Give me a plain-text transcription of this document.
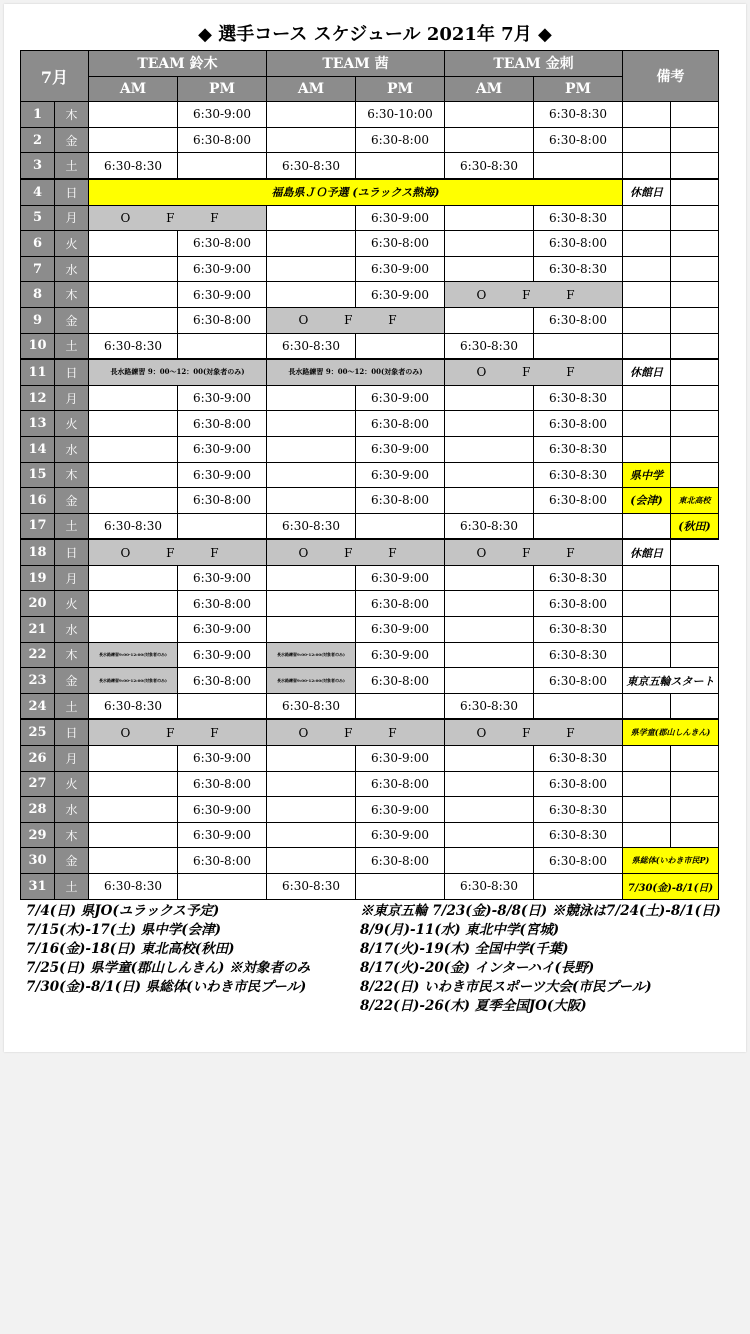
◆ 選手コース スケジュール 2021年 7月 ◆
7月		TEAM 鈴木		TEAM 茜		TEAM 金刺		備考	
		AM	PM	AM	PM	AM	PM		
1	木		6:30-9:00		6:30-10:00		6:30-8:30		
2	金		6:30-8:00		6:30-8:00		6:30-8:00		
3	土	6:30-8:30		6:30-8:30		6:30-8:30			
4	日	福島県ＪＯ予選 (ユラックス熱海)						休館日	
5	月	O F F			6:30-9:00		6:30-8:30		
6	火		6:30-8:00		6:30-8:00		6:30-8:00		
7	水		6:30-9:00		6:30-9:00		6:30-8:30		
8	木		6:30-9:00		6:30-9:00	O F F			
9	金		6:30-8:00	O F F			6:30-8:00		
10	土	6:30-8:30		6:30-8:30		6:30-8:30			
11	日	長水路練習 9：00～12：00(対象者のみ)		長水路練習 9：00～12：00(対象者のみ)		O F F		休館日	
12	月		6:30-9:00		6:30-9:00		6:30-8:30		
13	火		6:30-8:00		6:30-8:00		6:30-8:00		
14	水		6:30-9:00		6:30-9:00		6:30-8:30		
15	木		6:30-9:00		6:30-9:00		6:30-8:30	県中学	
16	金		6:30-8:00		6:30-8:00		6:30-8:00	(会津)	東北高校
17	土	6:30-8:30		6:30-8:30		6:30-8:30			(秋田)
18	日	O F F		O F F		O F F		休館日	
19	月		6:30-9:00		6:30-9:00		6:30-8:30		
20	火		6:30-8:00		6:30-8:00		6:30-8:00		
21	水		6:30-9:00		6:30-9:00		6:30-8:30		
22	木	長水路練習9:00-12:00(対象者のみ)	6:30-9:00	長水路練習9:00-12:00(対象者のみ)	6:30-9:00		6:30-8:30		
23	金	長水路練習9:00-12:00(対象者のみ)	6:30-8:00	長水路練習9:00-12:00(対象者のみ)	6:30-8:00		6:30-8:00	東京五輪スタート	
24	土	6:30-8:30		6:30-8:30		6:30-8:30			
25	日	O F F		O F F		O F F		県学童(郡山しんきん)	
26	月		6:30-9:00		6:30-9:00		6:30-8:30		
27	火		6:30-8:00		6:30-8:00		6:30-8:00		
28	水		6:30-9:00		6:30-9:00		6:30-8:30		
29	木		6:30-9:00		6:30-9:00		6:30-8:30		
30	金		6:30-8:00		6:30-8:00		6:30-8:00	県総体(いわき市民P)	
31	土	6:30-8:30		6:30-8:30		6:30-8:30		7/30(金)-8/1(日)	
7/4(日) 県JO(ユラックス予定)
7/15(木)-17(土) 県中学(会津)
7/16(金)-18(日) 東北高校(秋田)
7/25(日) 県学童(郡山しんきん) ※対象者のみ
7/30(金)-8/1(日) 県総体(いわき市民プール)
※東京五輪 7/23(金)-8/8(日) ※競泳は7/24(土)-8/1(日)
8/9(月)-11(水) 東北中学(宮城)
8/17(火)-19(木) 全国中学(千葉)
8/17(火)-20(金) インターハイ(長野)
8/22(日) いわき市民スポーツ大会(市民プール)
8/22(日)-26(木) 夏季全国JO(大阪)
